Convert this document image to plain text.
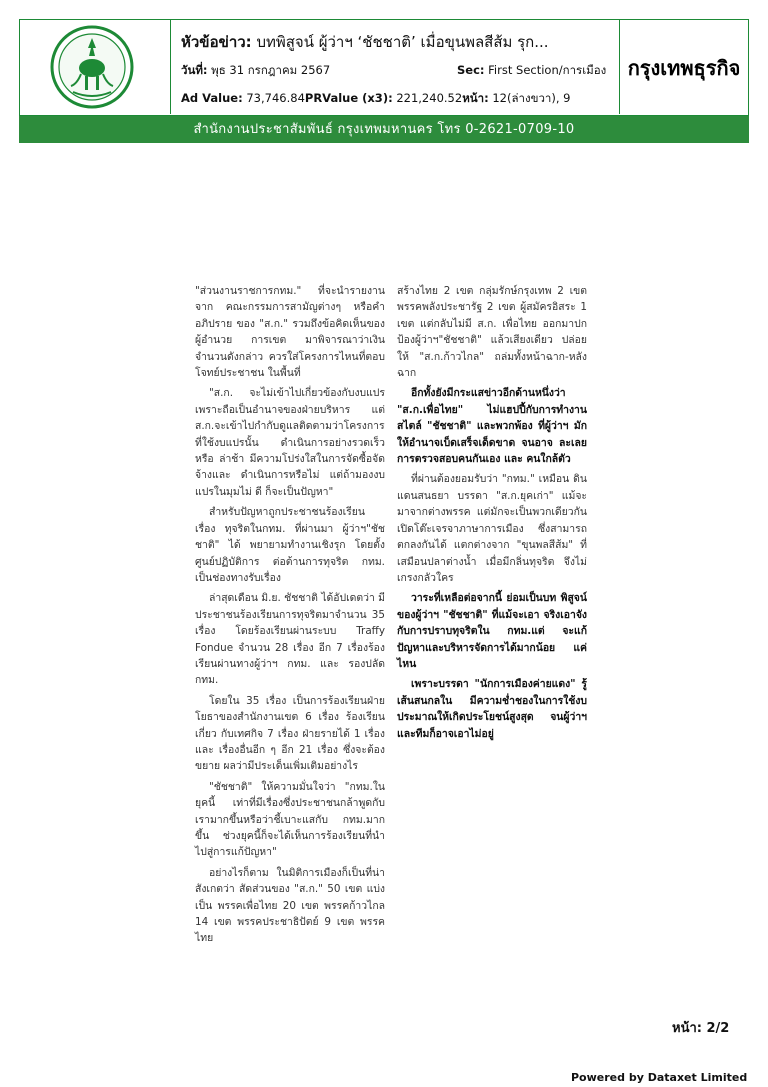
หัวข้อข่าว: บทพิสูจน์ ผู้ว่าฯ ‘ชัชชาติ’ เมื่อขุนพลสีส้ม รุก...
วันที่: พุธ 31 กรกฎาคม 2567	Sec: First Section/การเมือง
Ad Value: 73,746.84PRValue (x3): 221,240.52หน้า: 12(ล่างขวา), 9
กรุงเทพธุรกิจ
สำนักงานประชาสัมพันธ์ กรุงเทพมหานคร โทร 0-2621-0709-10

"ส่วนงานราชการกทม." ที่จะนำรายงานจาก คณะกรรมการสามัญต่างๆ หรือคำอภิปราย ของ "ส.ก." รวมถึงข้อคิดเห็นของผู้อำนวย การเขต มาพิจารณาว่าเงินจำนวนดังกล่าว ควรใส่โครงการไหนที่ตอบโจทย์ประชาชน ในพื้นที่

"ส.ก. จะไม่เข้าไปเกี่ยวข้องกับงบแปร เพราะถือเป็นอำนาจของฝ่ายบริหาร แต่ ส.ก.จะเข้าไปกำกับดูแลติดตามว่าโครงการ ที่ใช้งบแปรนั้น ดำเนินการอย่างรวดเร็วหรือ ล่าช้า มีความโปร่งใสในการจัดซื้อจัดจ้างและ ดำเนินการหรือไม่ แต่ถ้ามองงบแปรในมุมไม่ ดี ก็จะเป็นปัญหา"

สำหรับปัญหาถูกประชาชนร้องเรียนเรื่อง ทุจริตในกทม. ที่ผ่านมา ผู้ว่าฯ"ชัชชาติ" ได้ พยายามทำงานเชิงรุก โดยตั้งศูนย์ปฏิบัติการ ต่อต้านการทุจริต กทม. เป็นช่องทางรับเรื่อง

ล่าสุดเดือน มิ.ย. ชัชชาติ ได้อัปเดตว่า มีประชาชนร้องเรียนการทุจริตมาจำนวน 35 เรื่อง โดยร้องเรียนผ่านระบบ Traffy Fondue จำนวน 28 เรื่อง อีก 7 เรื่องร้อง เรียนผ่านทางผู้ว่าฯ กทม. และ รองปลัด กทม.

โดยใน 35 เรื่อง เป็นการร้องเรียนฝ่าย โยธาของสำนักงานเขต 6 เรื่อง ร้องเรียนเกี่ยว กับเทศกิจ 7 เรื่อง ฝ่ายรายได้ 1 เรื่อง และ เรื่องอื่นอีก ๆ อีก 21 เรื่อง ซึ่งจะต้องขยาย ผลว่ามีประเด็นเพิ่มเติมอย่างไร

"ชัชชาติ" ให้ความมั่นใจว่า "กทม.ใน ยุคนี้ เท่าที่มีเรื่องซึ่งประชาชนกล้าพูดกับ เรามากขึ้นหรือว่าชี้เบาะแสกับ กทม.มาก ขึ้น ช่วงยุคนี้ก็จะได้เห็นการร้องเรียนที่นำ ไปสู่การแก้ปัญหา"

อย่างไรก็ตาม ในมิติการเมืองก็เป็นที่น่า สังเกตว่า สัดส่วนของ "ส.ก." 50 เขต แบ่งเป็น พรรคเพื่อไทย 20 เขต พรรคก้าวไกล 14 เขต พรรคประชาธิปัตย์ 9 เขต พรรคไทย

สร้างไทย 2 เขต กลุ่มรักษ์กรุงเทพ 2 เขต พรรคพลังประชารัฐ 2 เขต ผู้สมัครอิสระ 1 เขต แต่กลับไม่มี ส.ก. เพื่อไทย ออกมาปก ป้องผู้ว่าฯ"ชัชชาติ" แล้วเสียงเดียว ปล่อยให้ "ส.ก.ก้าวไกล" ถล่มทั้งหน้าฉาก-หลังฉาก

อีกทั้งยังมีกระแสข่าวอีกด้านหนึ่งว่า "ส.ก.เพื่อไทย" ไม่แฮปปี้กับการทำงาน สไตล์ "ชัชชาติ" และพวกพ้อง ที่ผู้ว่าฯ มักให้อำนาจเบ็ดเสร็จเด็ดขาด จนอาจ ละเลยการตรวจสอบคนกันเอง และ คนใกล้ตัว

ที่ผ่านต้องยอมรับว่า "กทม." เหมือน ดินแดนสนธยา บรรดา "ส.ก.ยุคเก่า" แม้จะ มาจากต่างพรรค แต่มักจะเป็นพวกเดียวกัน เปิดโต๊ะเจรจาภาษาการเมือง ซึ่งสามารถ ตกลงกันได้ แตกต่างจาก "ขุนพลสีส้ม" ที่ เสมือนปลาต่างน้ำ เมื่อมีกลิ่นทุจริต จึงไม่ เกรงกลัวใคร

วาระที่เหลือต่อจากนี้ ย่อมเป็นบท พิสูจน์ของผู้ว่าฯ "ชัชชาติ" ที่แม้จะเอา จริงเอาจังกับการปราบทุจริตใน กทม.แต่ จะแก้ปัญหาและบริหารจัดการได้มากน้อย แค่ไหน

เพราะบรรดา "นักการเมืองค่ายแดง" รู้เส้นสนกลใน มีความช่ำชองในการใช้งบ ประมาณให้เกิดประโยชน์สูงสุด จนผู้ว่าฯ และทีมก็อาจเอาไม่อยู่

หน้า: 2/2
Powered by Dataxet Limited
